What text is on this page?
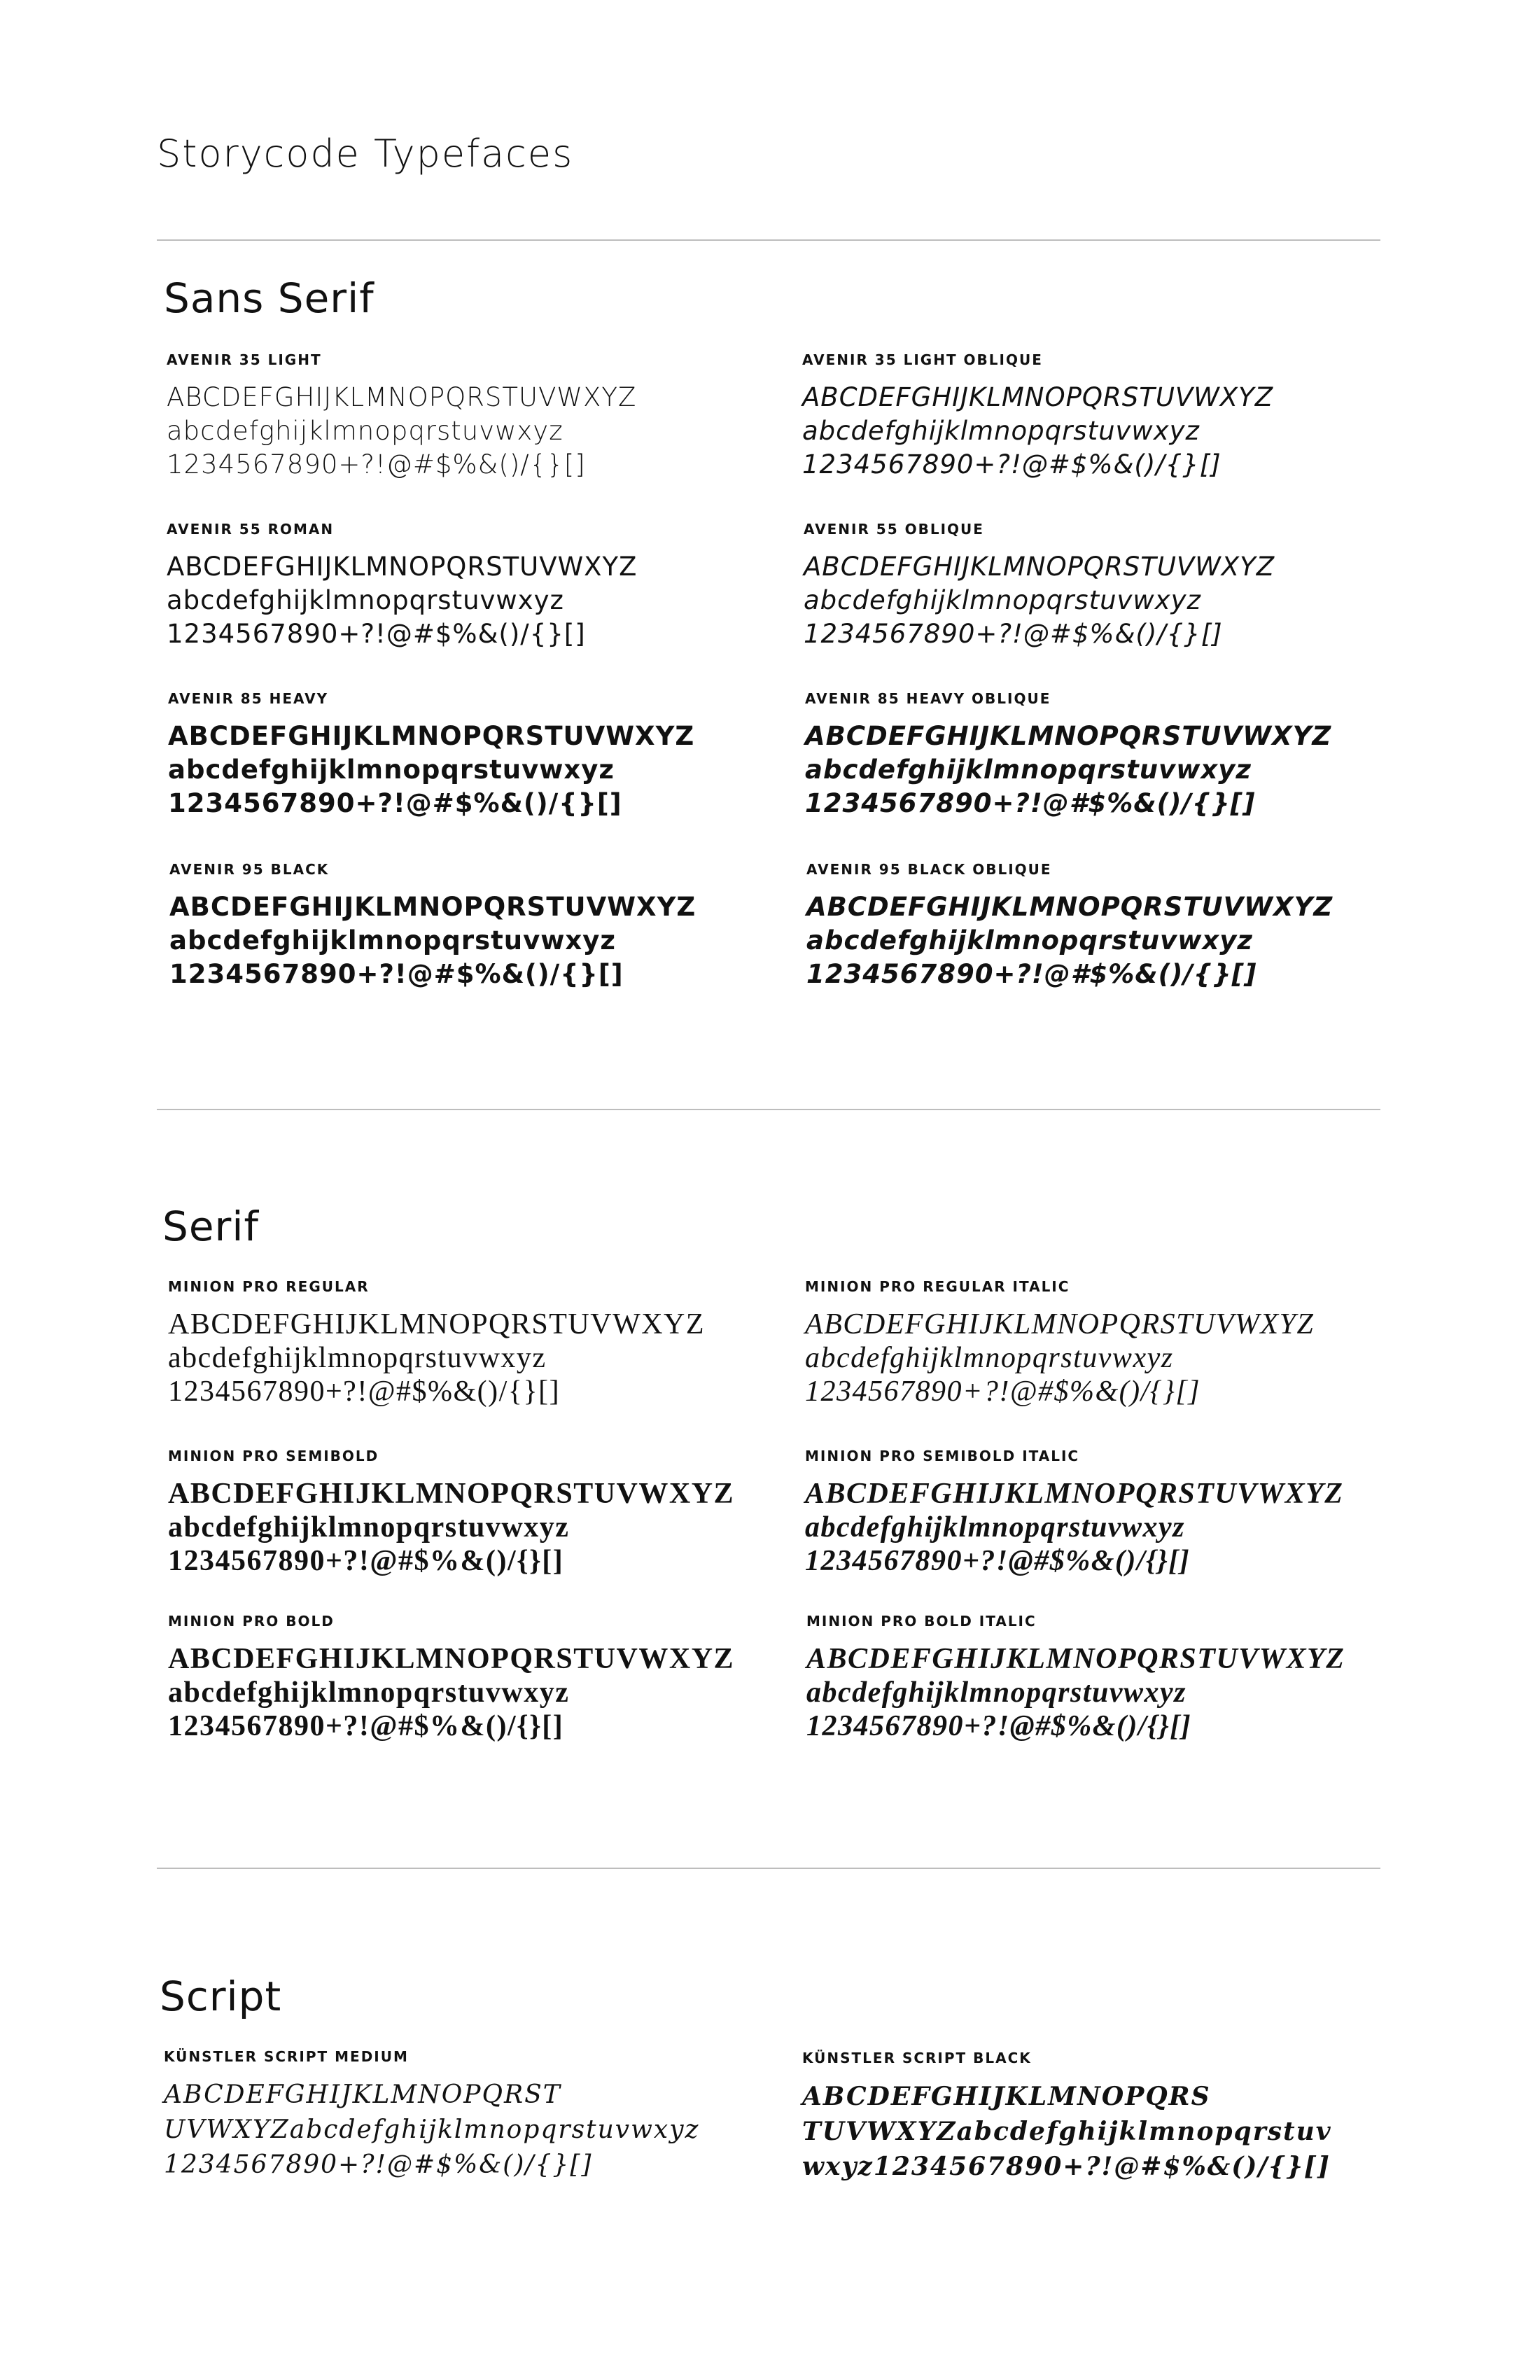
Storycode Typefaces
Sans Serif
AVENIR 35 LIGHT
ABCDEFGHIJKLMNOPQRSTUVWXYZ
abcdefghijklmnopqrstuvwxyz
1234567890+?!@#$%&()/{}[]
AVENIR 35 LIGHT OBLIQUE
ABCDEFGHIJKLMNOPQRSTUVWXYZ
abcdefghijklmnopqrstuvwxyz
1234567890+?!@#$%&()/{}[]
AVENIR 55 ROMAN
ABCDEFGHIJKLMNOPQRSTUVWXYZ
abcdefghijklmnopqrstuvwxyz
1234567890+?!@#$%&()/{}[]
AVENIR 55 OBLIQUE
ABCDEFGHIJKLMNOPQRSTUVWXYZ
abcdefghijklmnopqrstuvwxyz
1234567890+?!@#$%&()/{}[]
AVENIR 85 HEAVY
ABCDEFGHIJKLMNOPQRSTUVWXYZ
abcdefghijklmnopqrstuvwxyz
1234567890+?!@#$%&()/{}[]
AVENIR 85 HEAVY OBLIQUE
ABCDEFGHIJKLMNOPQRSTUVWXYZ
abcdefghijklmnopqrstuvwxyz
1234567890+?!@#$%&()/{}[]
AVENIR 95 BLACK
ABCDEFGHIJKLMNOPQRSTUVWXYZ
abcdefghijklmnopqrstuvwxyz
1234567890+?!@#$%&()/{}[]
AVENIR 95 BLACK OBLIQUE
ABCDEFGHIJKLMNOPQRSTUVWXYZ
abcdefghijklmnopqrstuvwxyz
1234567890+?!@#$%&()/{}[]
Serif
MINION PRO REGULAR
ABCDEFGHIJKLMNOPQRSTUVWXYZ
abcdefghijklmnopqrstuvwxyz
1234567890+?!@#$%&()/{}[]
MINION PRO REGULAR ITALIC
ABCDEFGHIJKLMNOPQRSTUVWXYZ
abcdefghijklmnopqrstuvwxyz
1234567890+?!@#$%&()/{}[]
MINION PRO SEMIBOLD
ABCDEFGHIJKLMNOPQRSTUVWXYZ
abcdefghijklmnopqrstuvwxyz
1234567890+?!@#$%&()/{}[]
MINION PRO SEMIBOLD ITALIC
ABCDEFGHIJKLMNOPQRSTUVWXYZ
abcdefghijklmnopqrstuvwxyz
1234567890+?!@#$%&()/{}[]
MINION PRO BOLD
ABCDEFGHIJKLMNOPQRSTUVWXYZ
abcdefghijklmnopqrstuvwxyz
1234567890+?!@#$%&()/{}[]
MINION PRO BOLD ITALIC
ABCDEFGHIJKLMNOPQRSTUVWXYZ
abcdefghijklmnopqrstuvwxyz
1234567890+?!@#$%&()/{}[]
Script
KÜNSTLER SCRIPT MEDIUM
ABCDEFGHIJKLMNOPQRST
UVWXYZabcdefghijklmnopqrstuvwxyz
1234567890+?!@#$%&()/{}[]
KÜNSTLER SCRIPT BLACK
ABCDEFGHIJKLMNOPQRS
TUVWXYZabcdefghijklmnopqrstuv
wxyz1234567890+?!@#$%&()/{}[]
